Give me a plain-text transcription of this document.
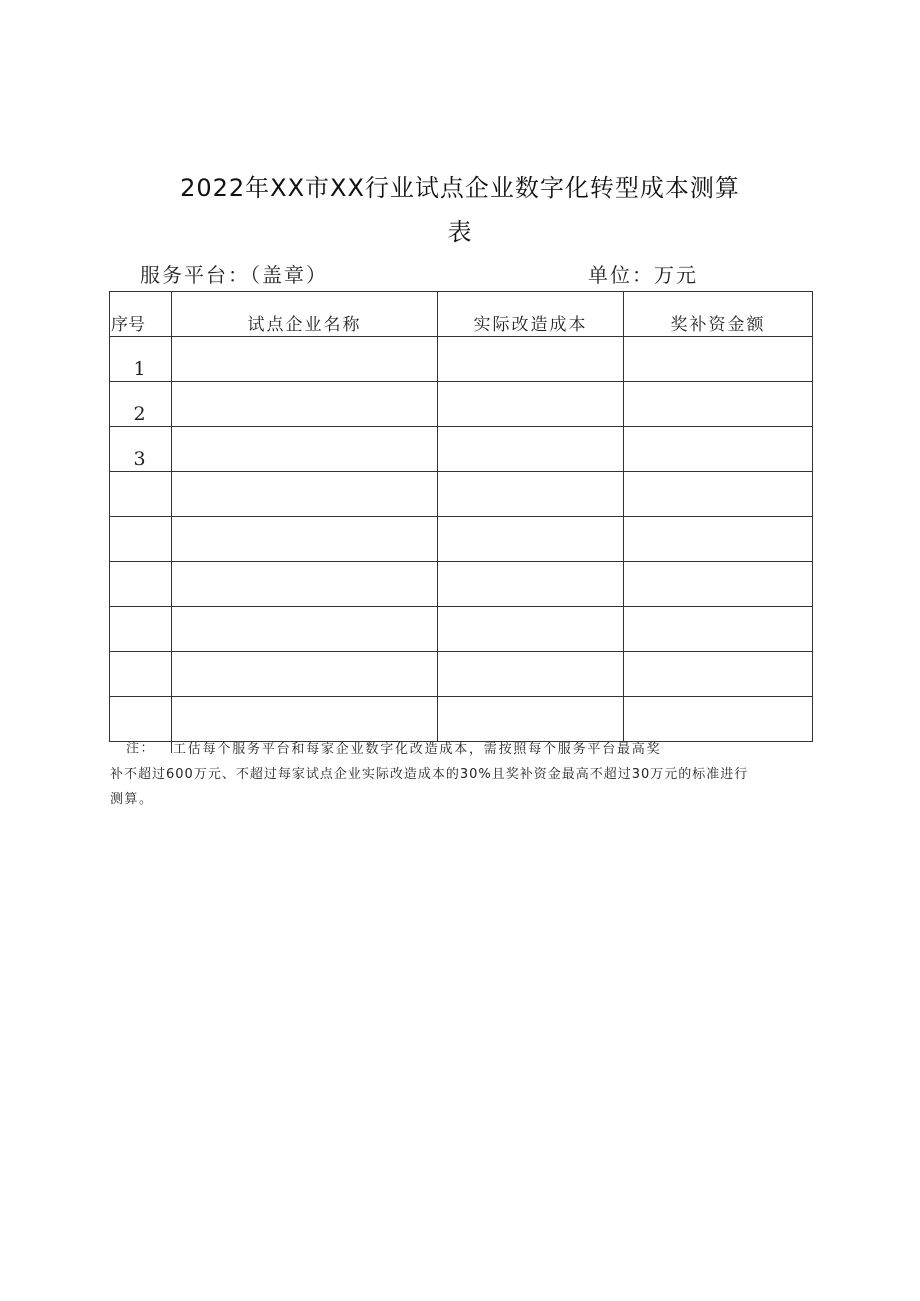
2022年XX市XX行业试点企业数字化转型成本测算
表
服务平台：（盖章）	单位：万元
序号	试点企业名称	实际改造成本	奖补资金额
1			
2			
3			

注： 工估每个服务平台和每家企业数字化改造成本，需按照每个服务平台最高奖
补不超过600万元、不超过每家试点企业实际改造成本的30%且奖补资金最高不超过30万元的标准进行
测算。
